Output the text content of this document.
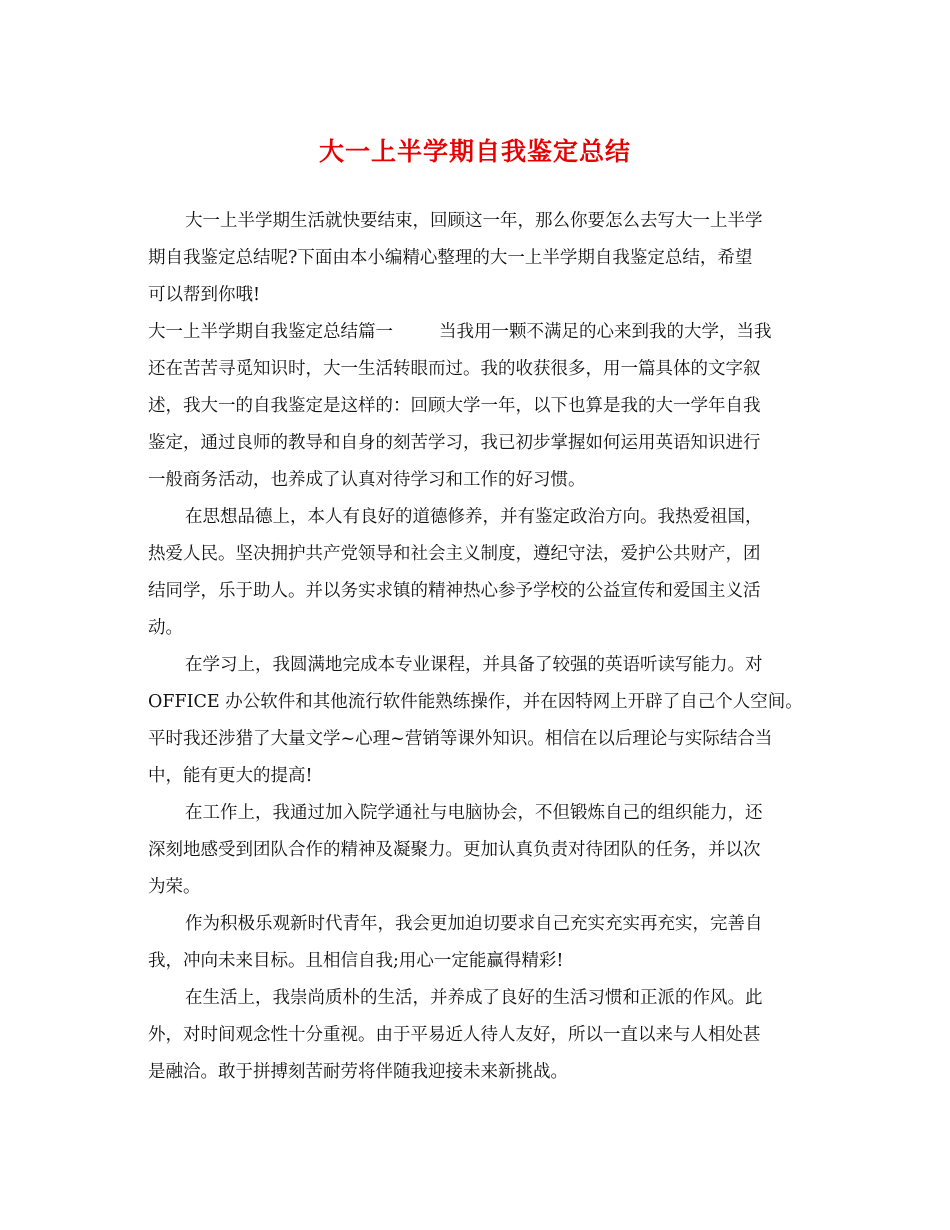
大一上半学期自我鉴定总结
大一上半学期生活就快要结束，回顾这一年，那么你要怎么去写大一上半学
期自我鉴定总结呢?下面由本小编精心整理的大一上半学期自我鉴定总结，希望
可以帮到你哦!
大一上半学期自我鉴定总结篇一	当我用一颗不满足的心来到我的大学，当我
还在苦苦寻觅知识时，大一生活转眼而过。我的收获很多，用一篇具体的文字叙
述，我大一的自我鉴定是这样的：回顾大学一年，以下也算是我的大一学年自我
鉴定，通过良师的教导和自身的刻苦学习，我已初步掌握如何运用英语知识进行
一般商务活动，也养成了认真对待学习和工作的好习惯。
在思想品德上，本人有良好的道德修养，并有鉴定政治方向。我热爱祖国，
热爱人民。坚决拥护共产党领导和社会主义制度，遵纪守法，爱护公共财产，团
结同学，乐于助人。并以务实求镇的精神热心参予学校的公益宣传和爱国主义活
动。
在学习上，我圆满地完成本专业课程，并具备了较强的英语听读写能力。对
OFFICE 办公软件和其他流行软件能熟练操作，并在因特网上开辟了自己个人空间。
平时我还涉猎了大量文学~心理~营销等课外知识。相信在以后理论与实际结合当
中，能有更大的提高!
在工作上，我通过加入院学通社与电脑协会，不但锻炼自己的组织能力，还
深刻地感受到团队合作的精神及凝聚力。更加认真负责对待团队的任务，并以次
为荣。
作为积极乐观新时代青年，我会更加迫切要求自己充实充实再充实，完善自
我，冲向未来目标。且相信自我;用心一定能赢得精彩!
在生活上，我崇尚质朴的生活，并养成了良好的生活习惯和正派的作风。此
外，对时间观念性十分重视。由于平易近人待人友好，所以一直以来与人相处甚
是融洽。敢于拼搏刻苦耐劳将伴随我迎接未来新挑战。
